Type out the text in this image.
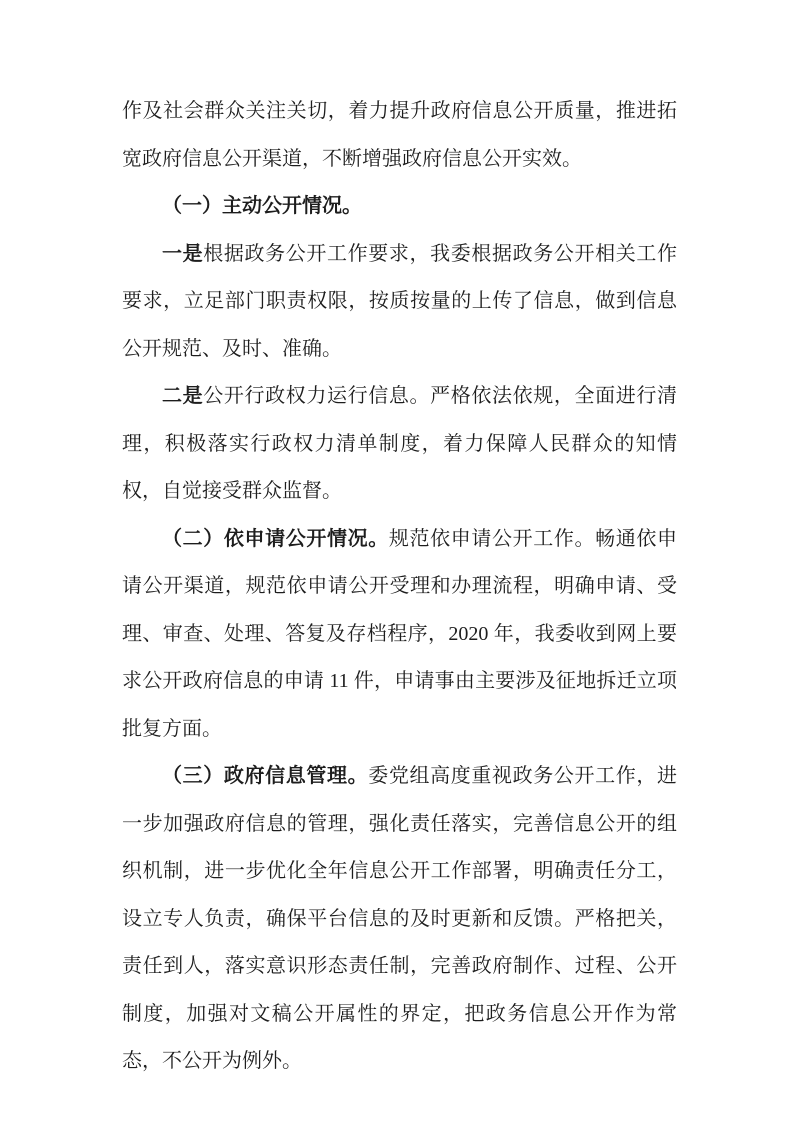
作及社会群众关注关切，着力提升政府信息公开质量，推进拓宽政府信息公开渠道，不断增强政府信息公开实效。

（一）主动公开情况。

一是根据政务公开工作要求，我委根据政务公开相关工作要求，立足部门职责权限，按质按量的上传了信息，做到信息公开规范、及时、准确。

二是公开行政权力运行信息。严格依法依规，全面进行清理，积极落实行政权力清单制度，着力保障人民群众的知情权，自觉接受群众监督。

（二）依申请公开情况。规范依申请公开工作。畅通依申请公开渠道，规范依申请公开受理和办理流程，明确申请、受理、审查、处理、答复及存档程序，2020 年，我委收到网上要求公开政府信息的申请 11 件，申请事由主要涉及征地拆迁立项批复方面。

（三）政府信息管理。委党组高度重视政务公开工作，进一步加强政府信息的管理，强化责任落实，完善信息公开的组织机制，进一步优化全年信息公开工作部署，明确责任分工，设立专人负责，确保平台信息的及时更新和反馈。严格把关，责任到人，落实意识形态责任制，完善政府制作、过程、公开制度，加强对文稿公开属性的界定，把政务信息公开作为常态，不公开为例外。
